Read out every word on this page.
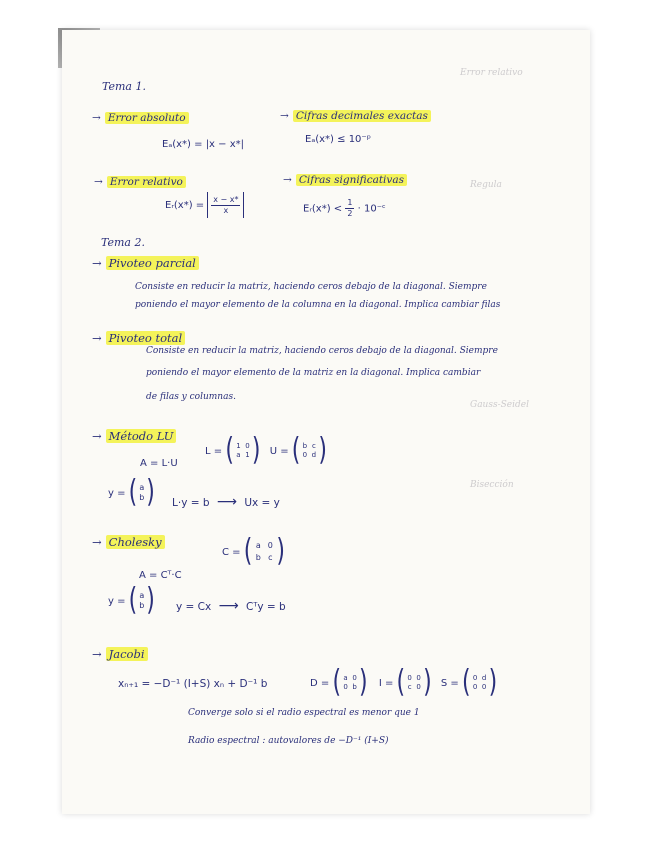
Error relativo
Regula
Gauss-Seidel
Bisección
Tema 1.
→ Error absoluto
Eₐ(x*) = |x − x*|
→ Cifras decimales exactas
Eₐ(x*) ≤ 10⁻ᵖ
→ Error relativo
Eᵣ(x*) = $\frac{x - x*}{x}$
→ Cifras significativas
Eᵣ(x*) < $\frac{1}{2}$ · 10⁻ᶜ
Tema 2.
→ Pivoteo parcial
Consiste en reducir la matriz, haciendo ceros debajo de la diagonal. Siempre
poniendo el mayor elemento de la columna en la diagonal. Implica cambiar filas
→ Pivoteo total
Consiste en reducir la matriz, haciendo ceros debajo de la diagonal. Siempre
poniendo el mayor elemento de la matriz en la diagonal. Implica cambiar
de filas y columnas.
→ Método LU
A = L·U
L = ( 1 0
a 1 ) U = ( b c
0 d )
y = ( a
b ) L·y = b ⟶ Ux = y
→ Cholesky
A = Cᵀ·C
C = ( a 0
b c )
y = ( a
b ) y = Cx ⟶ Cᵀy = b
→ Jacobi
xₙ₊₁ = −D⁻¹ (I+S) xₙ + D⁻¹ b	D = ( a 0
0 b ) I = ( 0 0
c 0 ) S = ( 0 d
0 0 )
Converge solo si el radio espectral es menor que 1
Radio espectral : autovalores de −D⁻¹ (I+S)
